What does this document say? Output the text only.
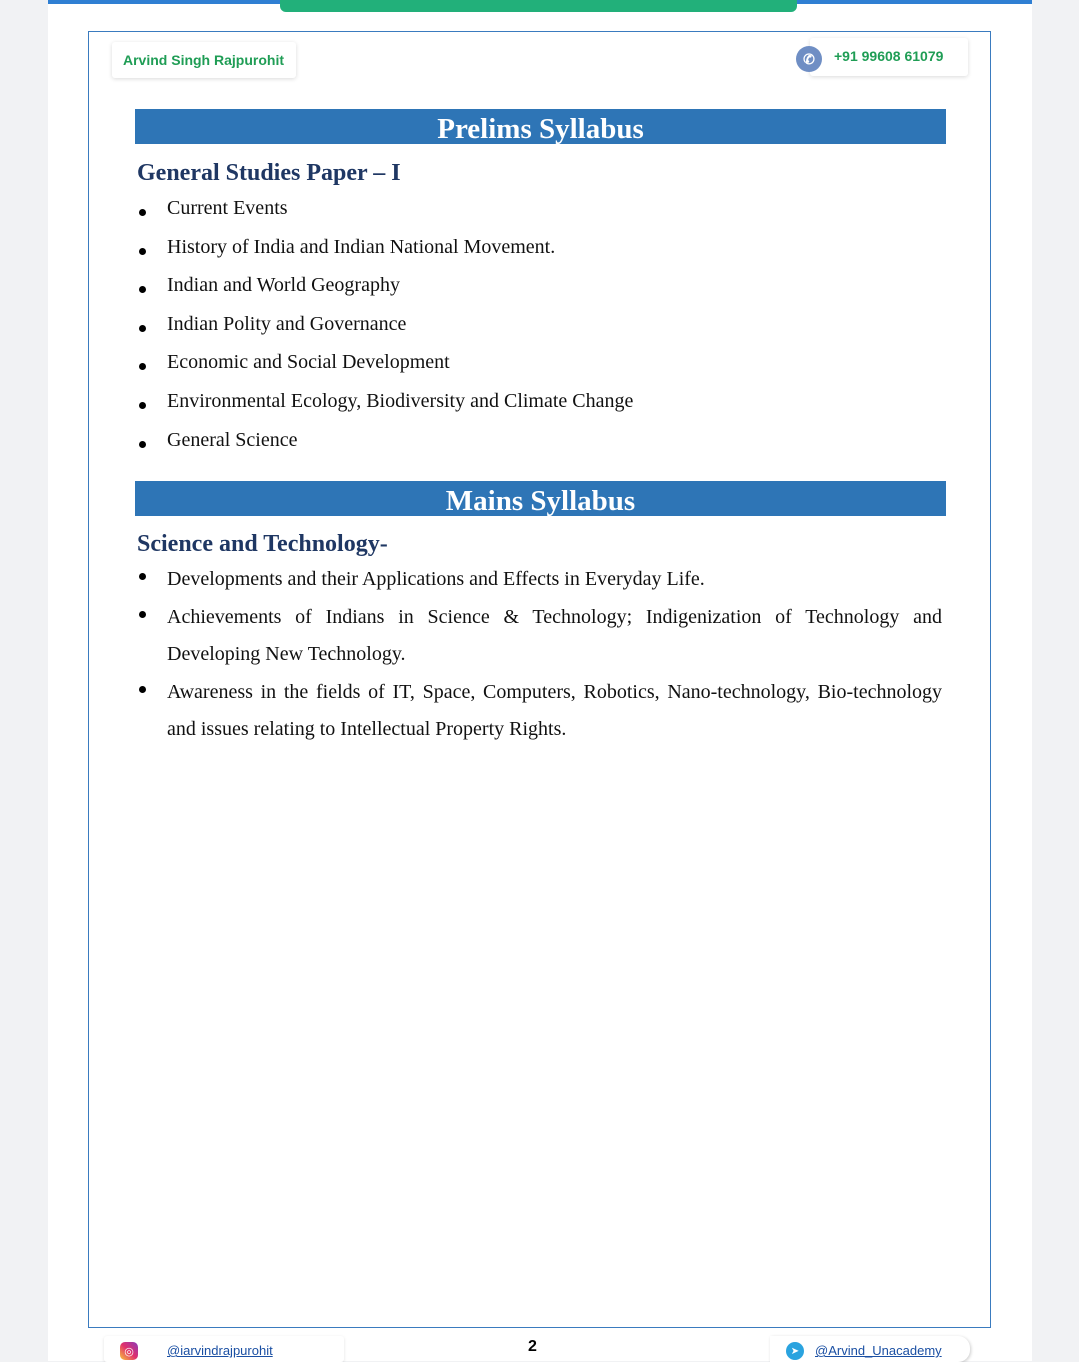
Arvind Singh Rajpurohit	✆	+91 99608 61079
Prelims Syllabus
General Studies Paper – I
Current Events
History of India and Indian National Movement.
Indian and World Geography
Indian Polity and Governance
Economic and Social Development
Environmental Ecology, Biodiversity and Climate Change
General Science
Mains Syllabus
Science and Technology-
Developments and their Applications and Effects in Everyday Life.
Achievements of Indians in Science & Technology; Indigenization of Technology and Developing New Technology.
Awareness in the fields of IT, Space, Computers, Robotics, Nano-technology, Bio-technology and issues relating to Intellectual Property Rights.
◎	@iarvindrajpurohit	2	➤	@Arvind_Unacademy
